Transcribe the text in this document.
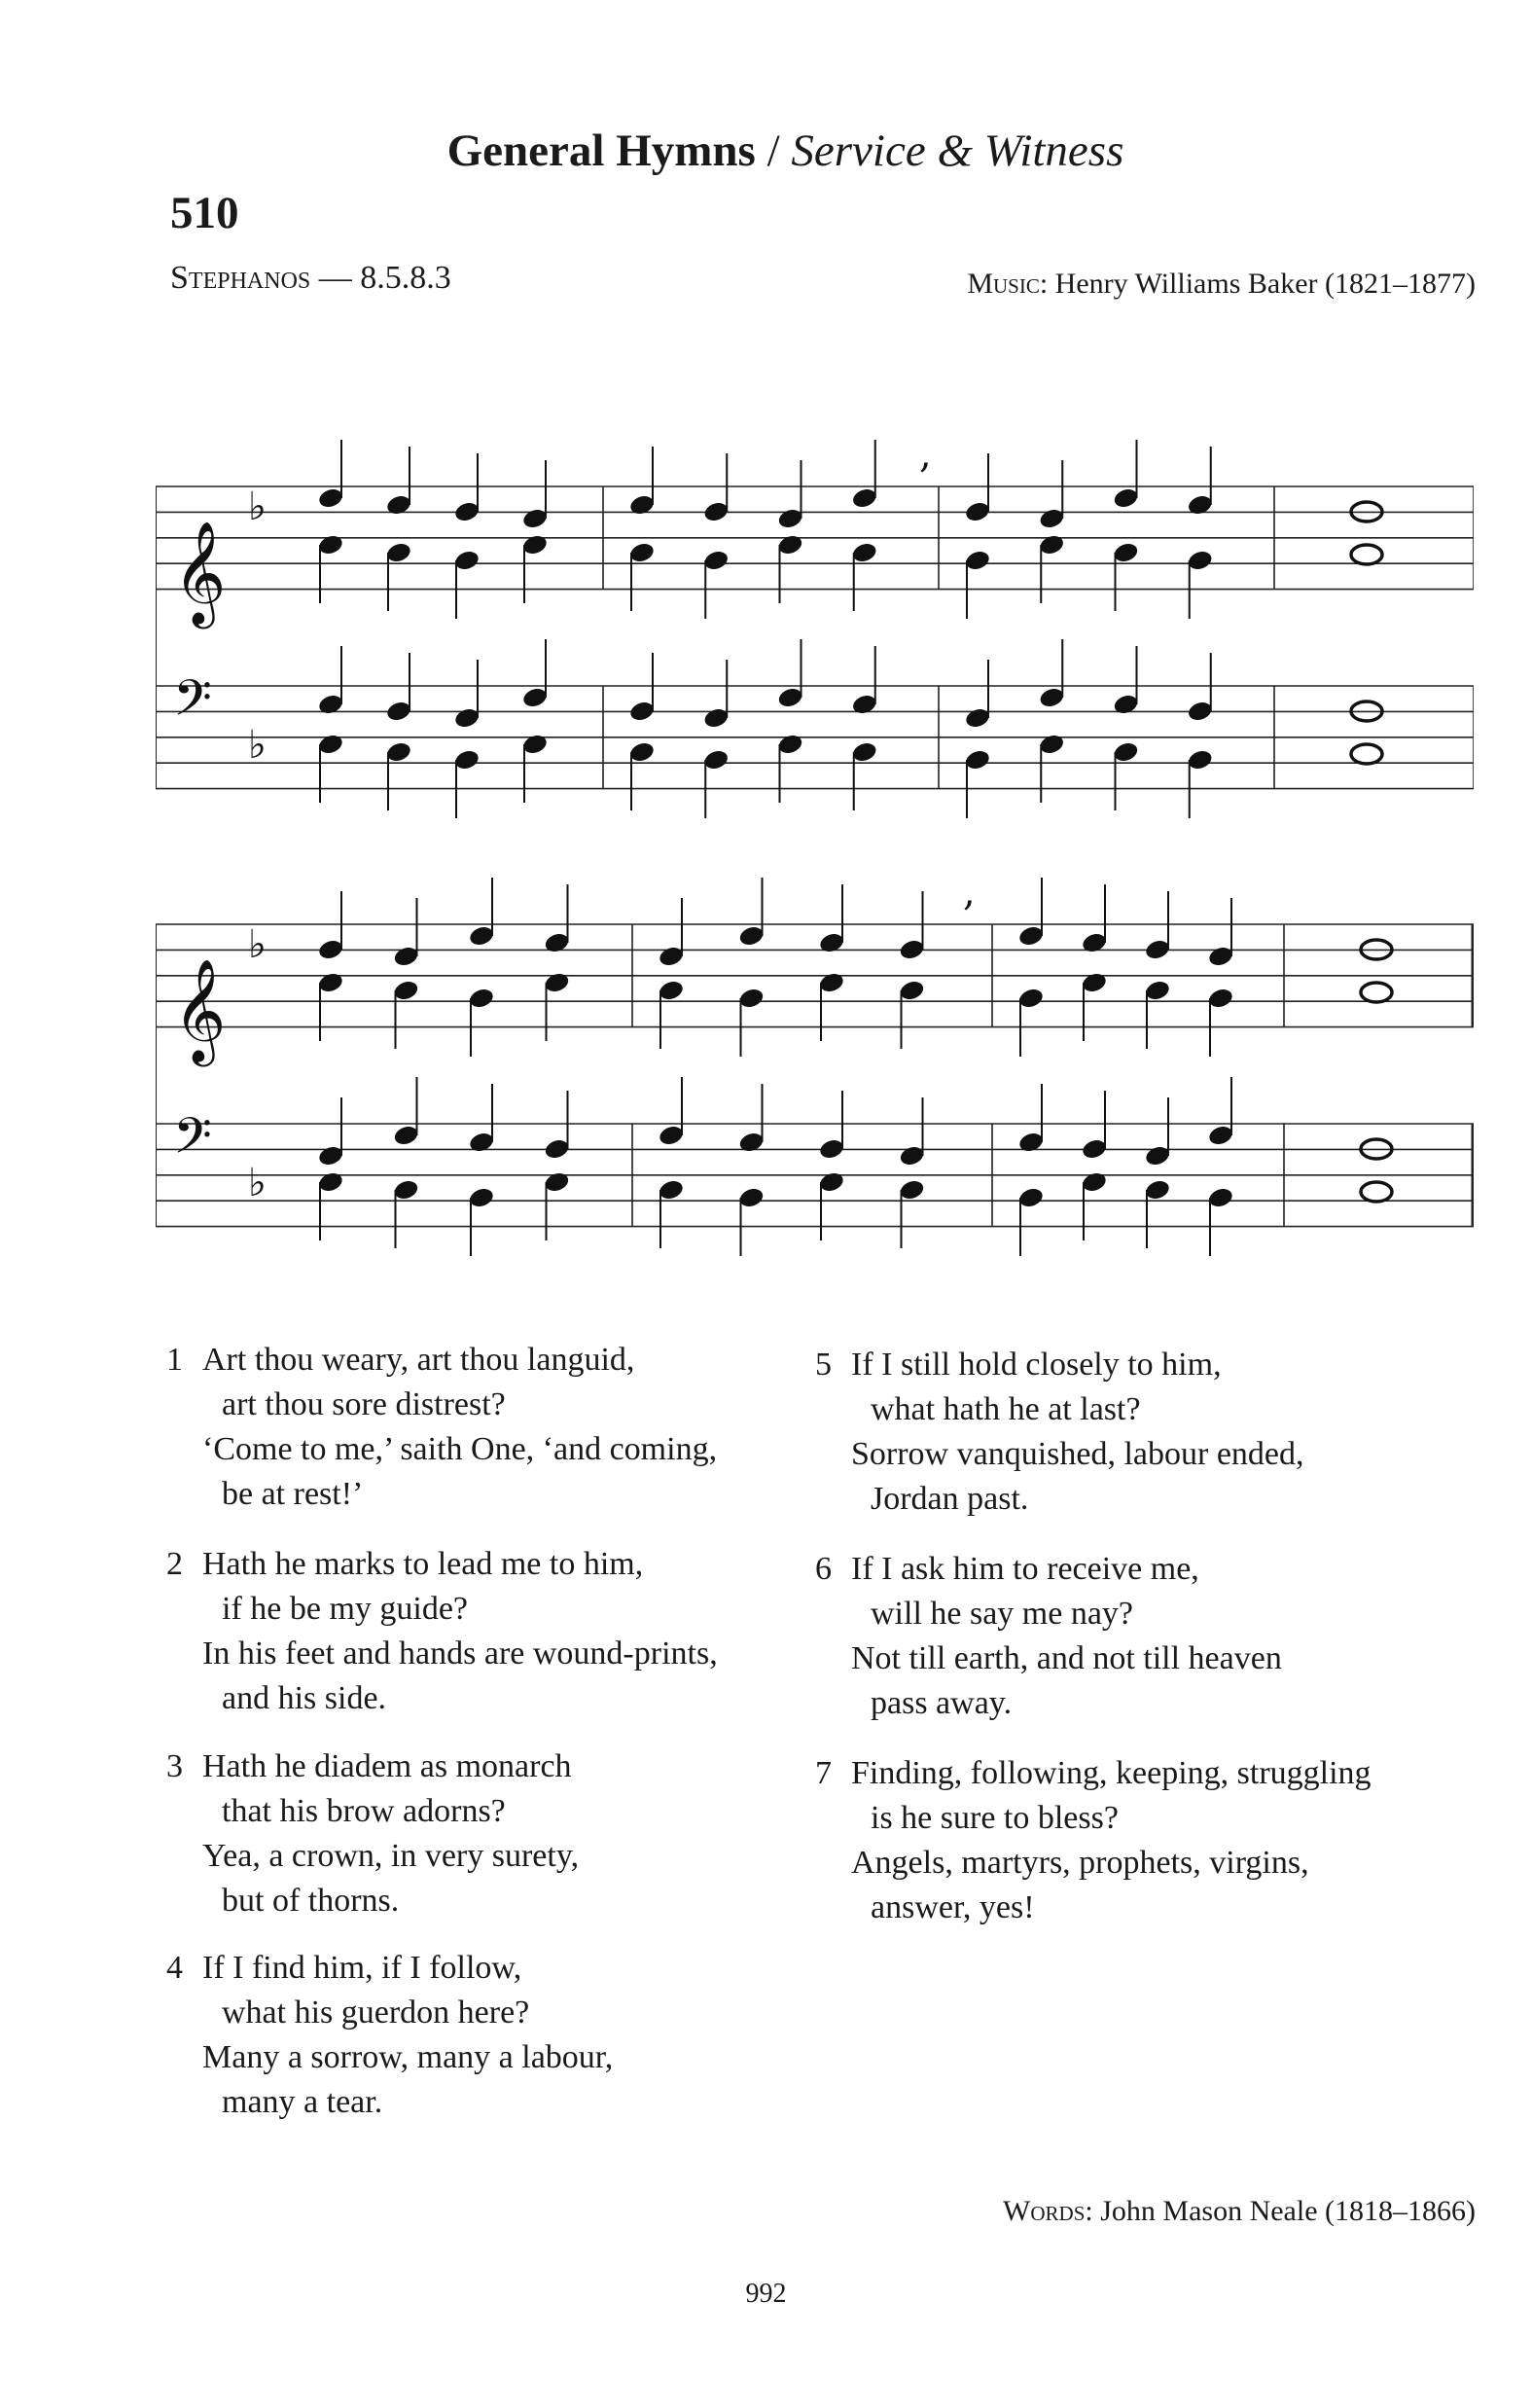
General Hymns / Service & Witness
510
Stephanos — 8.5.8.3	Music: Henry Williams Baker (1821–1877)
𝄞
♭
𝄢
♭
𝄞
♭
𝄢
♭
,
,
1 Art thou weary, art thou languid,
art thou sore distrest?
‘Come to me,’ saith One, ‘and coming,
be at rest!’
2 Hath he marks to lead me to him,
if he be my guide?
In his feet and hands are wound-prints,
and his side.
3 Hath he diadem as monarch
that his brow adorns?
Yea, a crown, in very surety,
but of thorns.
4 If I find him, if I follow,
what his guerdon here?
Many a sorrow, many a labour,
many a tear.
5 If I still hold closely to him,
what hath he at last?
Sorrow vanquished, labour ended,
Jordan past.
6 If I ask him to receive me,
will he say me nay?
Not till earth, and not till heaven
pass away.
7 Finding, following, keeping, struggling
is he sure to bless?
Angels, martyrs, prophets, virgins,
answer, yes!
Words: John Mason Neale (1818–1866)
992
